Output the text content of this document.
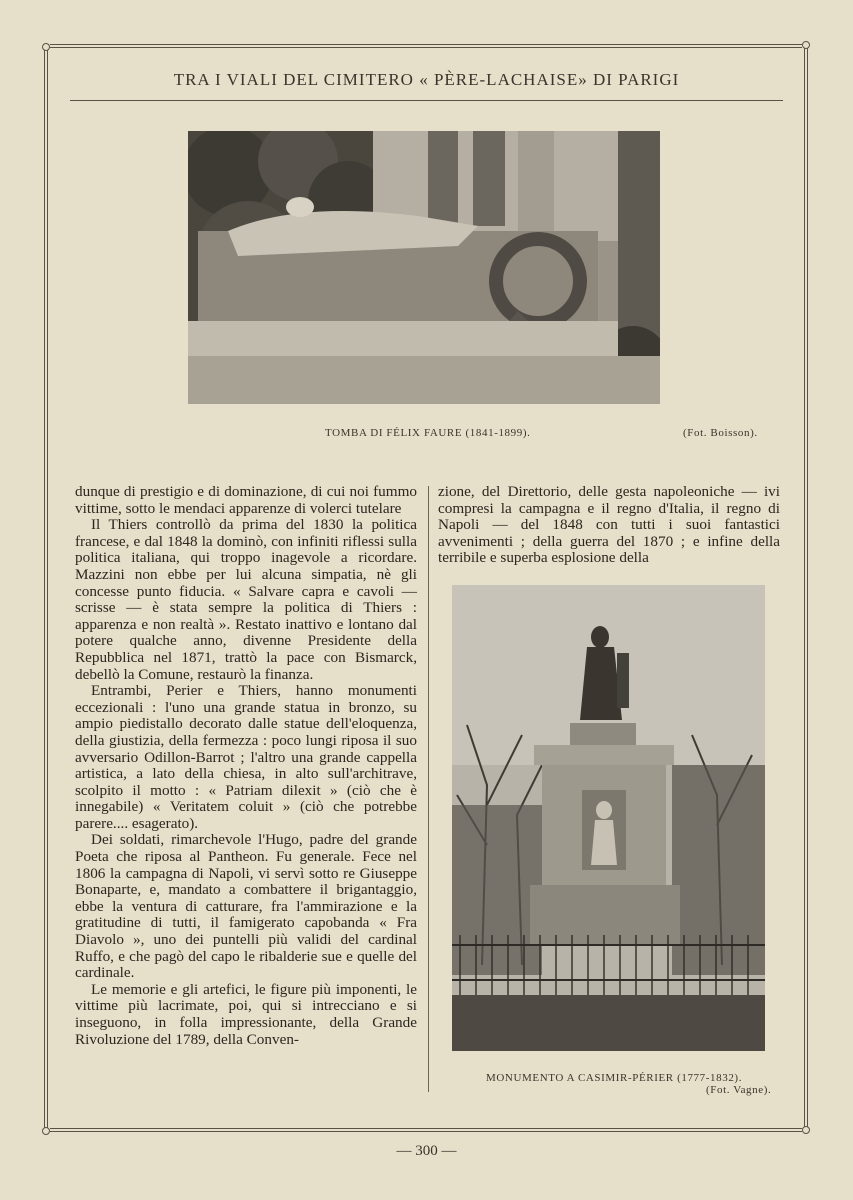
TRA I VIALI DEL CIMITERO « PÈRE-LACHAISE» DI PARIGI
TOMBA DI FÉLIX FAURE (1841-1899).	(Fot. Boisson).

dunque di prestigio e di dominazione, di cui noi fummo vittime, sotto le mendaci apparenze di volerci tutelare

Il Thiers controllò da prima del 1830 la politica francese, e dal 1848 la dominò, con infiniti riflessi sulla politica italiana, qui troppo inagevole a ricordare. Mazzini non ebbe per lui alcuna simpatia, nè gli concesse punto fiducia. « Salvare capra e cavoli — scrisse — è stata sempre la politica di Thiers : apparenza e non realtà ». Restato inattivo e lontano dal potere qualche anno, divenne Presidente della Repubblica nel 1871, trattò la pace con Bismarck, debellò la Comune, restaurò la finanza.

Entrambi, Perier e Thiers, hanno monumenti eccezionali : l'uno una grande statua in bronzo, su ampio piedistallo decorato dalle statue dell'eloquenza, della giustizia, della fermezza : poco lungi riposa il suo avversario Odillon-Barrot ; l'altro una grande cappella artistica, a lato della chiesa, in alto sull'architrave, scolpito il motto : « Patriam dilexit » (ciò che è innegabile) « Veritatem coluit » (ciò che potrebbe parere.... esagerato).

Dei soldati, rimarchevole l'Hugo, padre del grande Poeta che riposa al Pantheon. Fu generale. Fece nel 1806 la campagna di Napoli, vi servì sotto re Giuseppe Bonaparte, e, mandato a combattere il brigantaggio, ebbe la ventura di catturare, fra l'ammirazione e la gratitudine di tutti, il famigerato capobanda « Fra Diavolo », uno dei puntelli più validi del cardinal Ruffo, e che pagò del capo le ribalderie sue e quelle del cardinale.

Le memorie e gli artefici, le figure più imponenti, le vittime più lacrimate, poi, qui si intrecciano e si inseguono, in folla impressionante, della Grande Rivoluzione del 1789, della Conven-

zione, del Direttorio, delle gesta napoleoniche — ivi compresi la campagna e il regno d'Italia, il regno di Napoli — del 1848 con tutti i suoi fantastici avvenimenti ; della guerra del 1870 ; e infine della terribile e superba esplosione della

MONUMENTO A CASIMIR-PÉRIER (1777-1832).
(Fot. Vagne).
— 300 —
